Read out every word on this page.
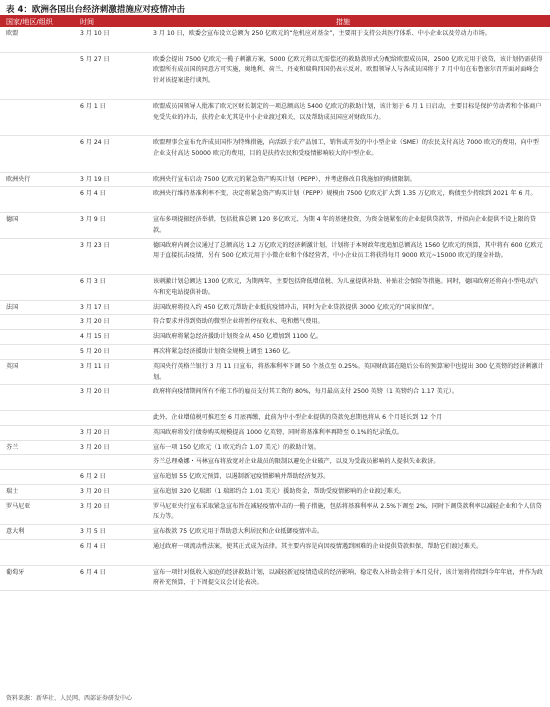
表 4：欧洲各国出台经济刺激措施应对疫情冲击
国家/地区/组织	时间	措施
欧盟	3 月 10 日	3 月 10 日，欧委会宣布设立总额为 250 亿欧元的“危机应对基金”，主要用于支持公共医疗体系、中小企业以及劳动力市场。
5 月 27 日	欧委会提出 7500 亿欧元一揽子刺激方案，5000 亿欧元将以无需偿还的救助款形式分配给欧盟成员国，2500 亿欧元用于放贷，该计划仍需获得欧盟所有成员国的同意方可实施，奥地利、荷兰、丹麦和瑞典四国仍表示反对。欧盟领导人与各成员国将于 7 月中旬在布鲁塞尔召开面对面峰会针对该提案进行谈判。
6 月 1 日	欧盟成员国领导人批准了欧元区财长制定的一项总额高达 5400 亿欧元的救助计划，该计划于 6 月 1 日启动，主要目标是保护劳动者和个体商户免受失业的冲击，扶持企业尤其是中小企业渡过难关，以及帮助成员国应对财政压力。
6 月 24 日	欧盟理事会宣布允许成员国作为特殊措施，向活跃于农产品加工，销售或开发的中小型企业（SME）的农民支付高达 7000 欧元的费用，向中型企业支付高达 50000 欧元的费用，目的是扶持农民和受疫情影响较大的中型企业。
欧洲央行	3 月 19 日	欧洲央行宣布启动 7500 亿欧元的紧急资产购买计划（PEPP），并考虑修改自我施加的购债限制。
6 月 4 日	欧洲央行维持基准利率不变，决定将紧急资产购买计划（PEPP）规模由 7500 亿欧元扩大到 1.35 万亿欧元，购债至少持续到 2021 年 6 月。
德国	3 月 9 日	宣布多项提振经济举措，包括批准总额 120 多亿欧元、为期 4 年的基建投资，为资金链紧张的企业提供贷款等，并拟向企业提供不设上限的贷款。
3 月 23 日	德国政府内阁会议通过了总额高达 1.2 万亿欧元的经济刺激计划，计划将于本财政年度追加总额高达 1560 亿欧元的预算，其中将有 600 亿欧元用于直接抗击疫情，另有 500 亿欧元用于小微企业和个体经营者，中小企业员工将获得每月 9000 欧元~15000 欧元的现金补助。
6 月 3 日	该刺激计划总额达 1300 亿欧元，为期两年，主要包括降低增值税、为儿童提供补助、补贴社会保险等措施。同时，德国政府还将向小型电动汽车和充电站提供补助。
法国	3 月 17 日	法国政府将投入约 450 亿欧元帮助企业抵抗疫情冲击，同时为企业贷款提供 3000 亿欧元的“国家担保”。
3 月 20 日	符合要求并得到资助的微型企业将暂停征收水、电和燃气费用。
4 月 15 日	法国政府将紧急经济援助计划资金从 450 亿增加到 1100 亿。
5 月 20 日	再次将紧急经济援助计划资金规模上调至 1360 亿。
英国	3 月 11 日	英国央行英格兰银行 3 月 11 日宣布，将基准利率下调 50 个基点至 0.25%。英国财政部在随后公布的预算案中也提出 300 亿英镑的经济刺激计划。
3 月 20 日	政府将向疫情期间所有不能工作的雇员支付其工资的 80%，每月最高支付 2500 英镑（1 英镑约合 1.17 美元）。
此外，企业增值税可推迟至 6 月底再缴，此前为中小型企业提供的贷款免息期也将从 6 个月延长到 12 个月
3 月 20 日	英国政府将发行债券购买规模提高 1000 亿英镑，同时将基准利率再降至 0.1%的纪录低点。
芬兰	3 月 20 日	宣布一项 150 亿欧元（1 欧元约合 1.07 美元）的救助计划。
芬兰总理桑娜・马林宣布将放宽对企业裁员的限制以避免企业破产，以及为受裁员影响的人提供失业救济。
6 月 2 日	宣布追加 55 亿欧元预算，以遏制新冠疫情影响并帮助经济复苏。
瑞士	3 月 20 日	宣布追加 320 亿瑞郎（1 瑞郎约合 1.01 美元）援助资金，帮助受疫情影响的企业渡过难关。
罗马尼亚	3 月 20 日	罗马尼亚央行宣布采取紧急宣布旨在减轻疫情冲击的一揽子措施，包括将基准利率从 2.5%下调至 2%，同时下调贷款利率以减轻企业和个人信贷压力等。
意大利	3 月 5 日	宣布拨款 75 亿欧元用于帮助意大利居民和企业抵御疫情冲击。
6 月 4 日	通过政府一项流动性法案，使其正式成为法律。其主要内容是向因疫情遇到困难的企业提供贷款担保，帮助它们渡过难关。
葡萄牙	6 月 4 日	宣布一项针对低收入家庭的经济救助计划，以减轻新冠疫情造成的经济影响，稳定收入补助金将于本月兑付，该计划将持续到今年年底，并作为政府补充预算，于下周提交议会讨论表决。
资料来源：新华社、人民网、西部证券研发中心
